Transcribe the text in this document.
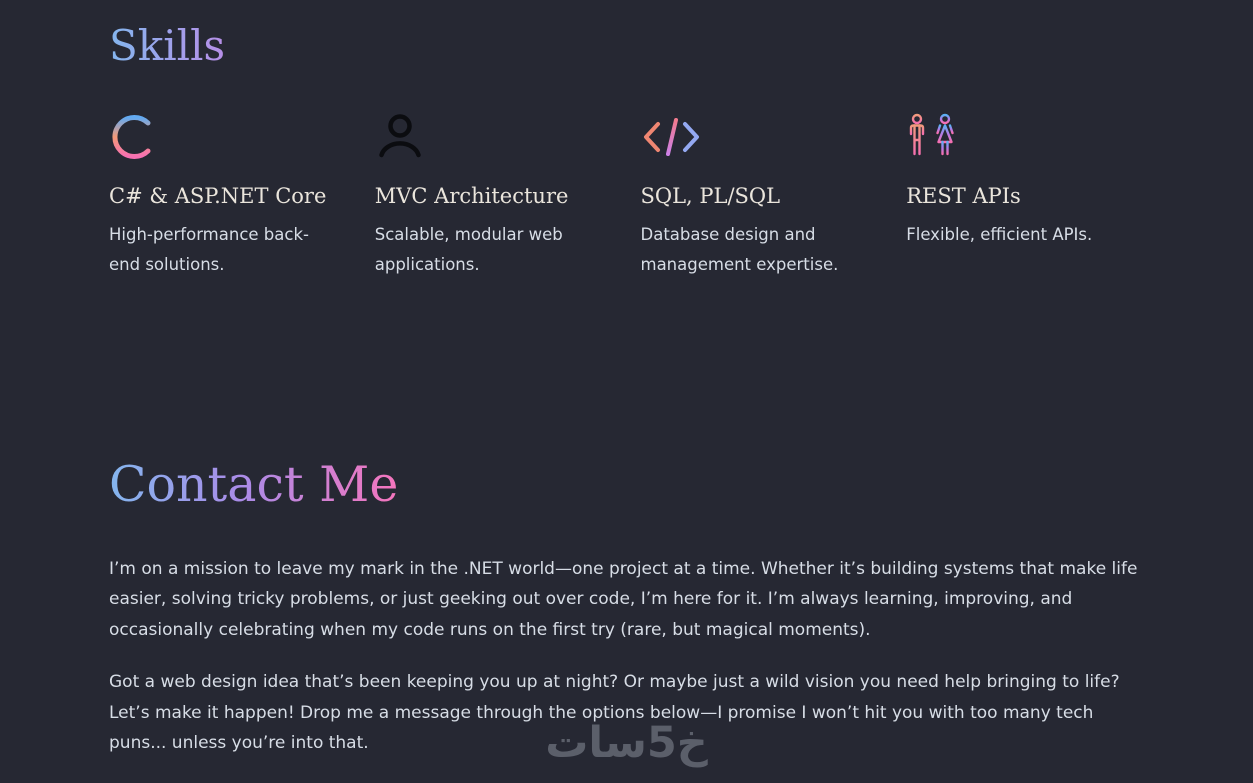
Skills
C# & ASP.NET Core
High-performance back-end solutions.
MVC Architecture
Scalable, modular web applications.
SQL, PL/SQL
Database design and management expertise.
REST APIs
Flexible, efficient APIs.
Contact Me

I’m on a mission to leave my mark in the .NET world—one project at a time. Whether it’s building systems that make life easier, solving tricky problems, or just geeking out over code, I’m here for it. I’m always learning, improving, and occasionally celebrating when my code runs on the first try (rare, but magical moments).

Got a web design idea that’s been keeping you up at night? Or maybe just a wild vision you need help bringing to life? Let’s make it happen! Drop me a message through the options below—I promise I won’t hit you with too many tech puns... unless you’re into that.	خ5سات
